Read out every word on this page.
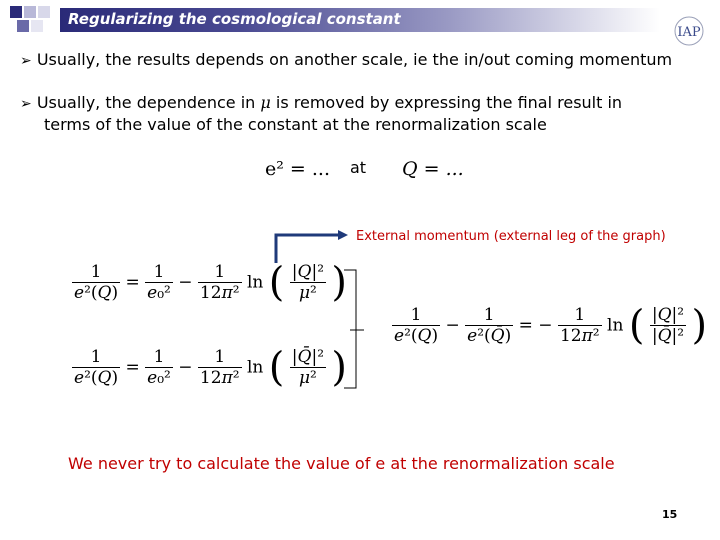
Regularizing the cosmological constant
IAP
➢ Usually, the results depends on another scale, ie the in/out coming momentum
➢ Usually, the dependence in μ is removed by expressing the final result in
terms of the value of the constant at the renormalization scale
e² = ... at Q = ...
External momentum (external leg of the graph)
$\frac{1}{\text{e²(Q)}} = \frac{1}{\text{e₀²}} - \frac{1}{\text{12π²}}$ ln ( $\frac{\text{|Q|²}}{\text{μ²}}$ )
$\frac{1}{\text{e²(Q)}} = \frac{1}{\text{e₀²}} - \frac{1}{\text{12π²}}$ ln ( $\frac{\text{|Q̄|²}}{\text{μ²}}$ )
$\frac{1}{\text{e²(Q)}} - \frac{1}{\text{e²(Q̄)}}$ = − $\frac{1}{\text{12π²}}$ ln ( $\frac{\text{|Q|²}}{\text{|Q̄|²}}$ )
We never try to calculate the value of e at the renormalization scale
15
